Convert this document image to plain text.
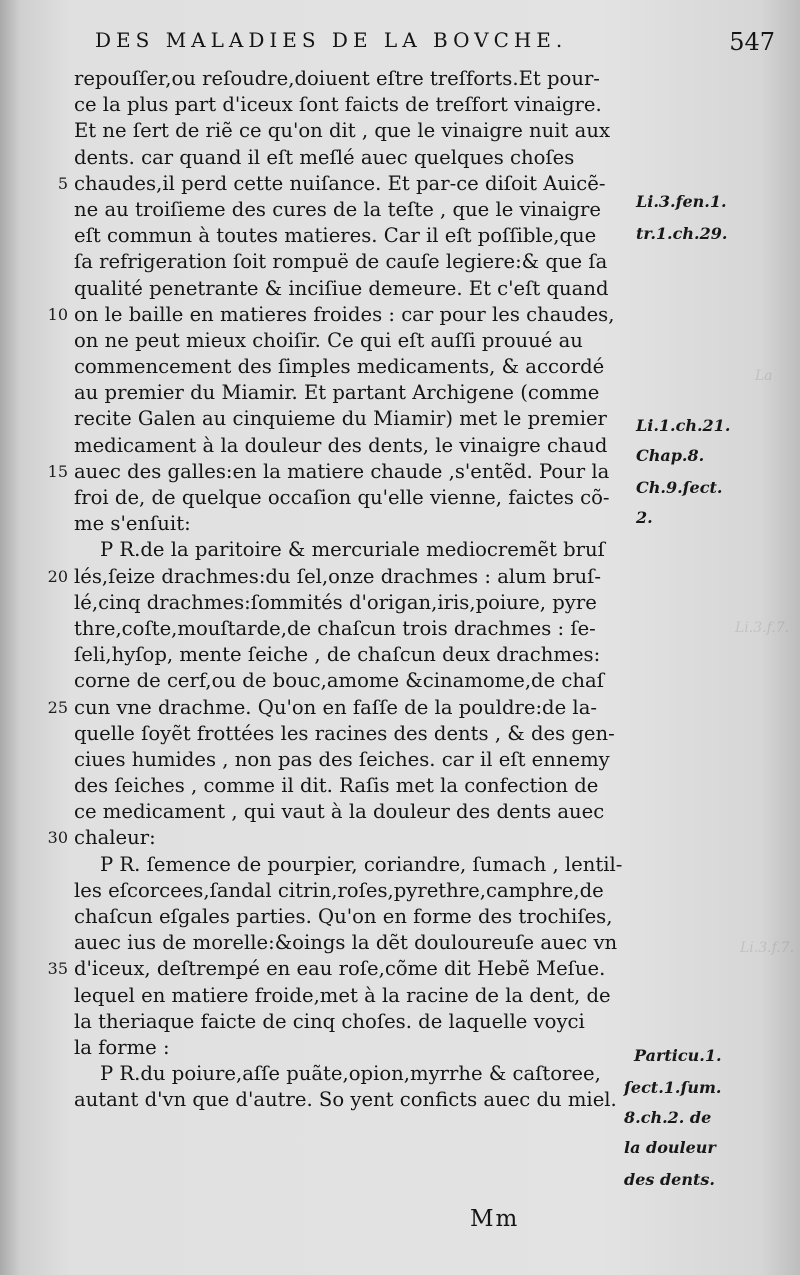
DES MALADIES DE LA BOVCHE.	547
repouſſer,ou reſoudre,doiuent eſtre treſforts.Et pour-
ce la plus part d'iceux ſont faicts de treſfort vinaigre.
Et ne ſert de riẽ ce qu'on dit , que le vinaigre nuit aux
dents. car quand il eſt meſlé auec quelques choſes
5 chaudes,il perd cette nuiſance. Et par-ce diſoit Auicẽ-
ne au troiſieme des cures de la teſte , que le vinaigre
eſt commun à toutes matieres. Car il eſt poſſible,que
ſa refrigeration ſoit rompuë de cauſe legiere:& que ſa
qualité penetrante & inciſiue demeure. Et c'eſt quand
10 on le baille en matieres froides : car pour les chaudes,
on ne peut mieux choiſir. Ce qui eſt auſſi prouué au
commencement des ſimples medicaments, & accordé
au premier du Miamir. Et partant Archigene (comme
recite Galen au cinquieme du Miamir) met le premier
medicament à la douleur des dents, le vinaigre chaud
15 auec des galles:en la matiere chaude ,s'entẽd. Pour la
froi de, de quelque occaſion qu'elle vienne, faictes cõ-
me s'enſuit:
P R.de la paritoire & mercuriale mediocremẽt bruſ
20 lés,ſeize drachmes:du ſel,onze drachmes : alum bruſ-
lé,cinq drachmes:ſommités d'origan,iris,poiure, pyre
thre,coſte,mouſtarde,de chaſcun trois drachmes : ſe-
ſeli,hyſop, mente ſeiche , de chaſcun deux drachmes:
corne de cerf,ou de bouc,amome &cinamome,de chaſ
25 cun vne drachme. Qu'on en faſſe de la pouldre:de la-
quelle ſoyẽt frottées les racines des dents , & des gen-
ciues humides , non pas des ſeiches. car il eſt ennemy
des ſeiches , comme il dit. Raſis met la confection de
ce medicament , qui vaut à la douleur des dents auec
30 chaleur:
P R. ſemence de pourpier, coriandre, ſumach , lentil-
les eſcorcees,ſandal citrin,roſes,pyrethre,camphre,de
chaſcun eſgales parties. Qu'on en forme des trochiſes,
auec ius de morelle:&oings la dẽt douloureuſe auec vn
35 d'iceux, deſtrempé en eau roſe,cõme dit Hebẽ Meſue.
lequel en matiere froide,met à la racine de la dent, de
la theriaque faicte de cinq choſes. de laquelle voyci
la forme :
P R.du poiure,aſſe puãte,opion,myrrhe & caſtoree,
autant d'vn que d'autre. So yent conficts auec du miel.
Li.3.fen.1.
tr.1.ch.29.
Li.1.ch.21.
Chap.8.
Ch.9.ſect.
2.
Particu.1.
ſect.1.ſum.
8.ch.2. de
la douleur
des dents.
La
Li.3.f.7.
Li.3.f.7.
Mm
